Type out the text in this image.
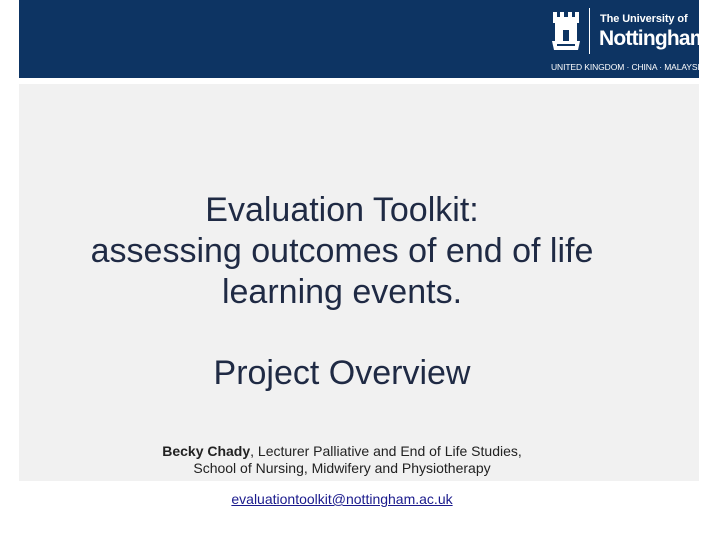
The University of
Nottingham
UNITED KINGDOM · CHINA · MALAYSIA
Evaluation Toolkit:
assessing outcomes of end of life
learning events.
Project Overview
Becky Chady, Lecturer Palliative and End of Life Studies,
School of Nursing, Midwifery and Physiotherapy
evaluationtoolkit@nottingham.ac.uk
